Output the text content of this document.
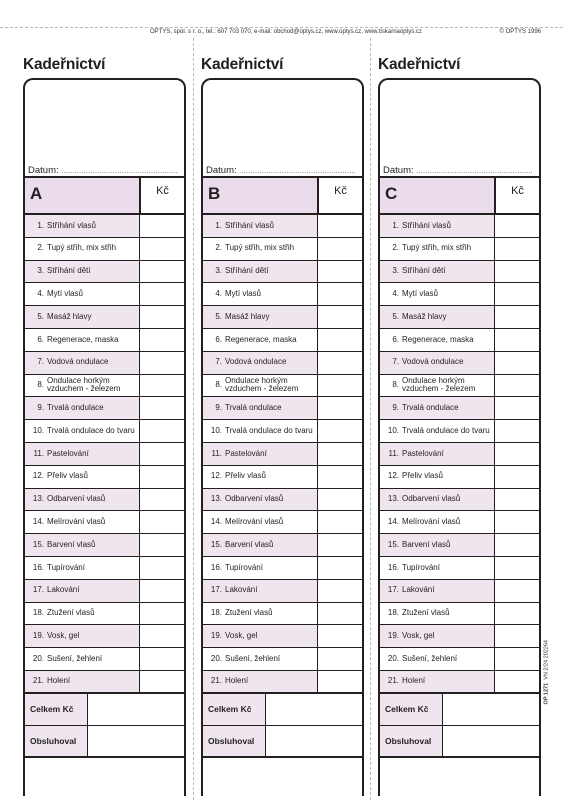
OPTYS, spol. s r. o., tel.: 607 703 070, e-mail: obchod@optys.cz, www.optys.cz, www.tiskarnaoptys.cz	© OPTYS 1996
OP 1271  VN 2/24 202264
Kadeřnictví
Datum: ....................................................
A	Kč
1. Stříhání vlasů
2. Tupý střih, mix střih
3. Stříhání dětí
4. Mytí vlasů
5. Masáž hlavy
6. Regenerace, maska
7. Vodová ondulace
8. Ondulace horkým vzduchem - železem
9. Trvalá ondulace
10. Trvalá ondulace do tvaru
11. Pastelování
12. Přeliv vlasů
13. Odbarvení vlasů
14. Melírování vlasů
15. Barvení vlasů
16. Tupírování
17. Lakování
18. Ztužení vlasů
19. Vosk, gel
20. Sušení, žehlení
21. Holení
Celkem Kč
Obsluhoval
Kadeřnictví
Datum: ....................................................
B	Kč
1. Stříhání vlasů
2. Tupý střih, mix střih
3. Stříhání dětí
4. Mytí vlasů
5. Masáž hlavy
6. Regenerace, maska
7. Vodová ondulace
8. Ondulace horkým vzduchem - železem
9. Trvalá ondulace
10. Trvalá ondulace do tvaru
11. Pastelování
12. Přeliv vlasů
13. Odbarvení vlasů
14. Melírování vlasů
15. Barvení vlasů
16. Tupírování
17. Lakování
18. Ztužení vlasů
19. Vosk, gel
20. Sušení, žehlení
21. Holení
Celkem Kč
Obsluhoval
Kadeřnictví
Datum: ....................................................
C	Kč
1. Stříhání vlasů
2. Tupý střih, mix střih
3. Stříhání dětí
4. Mytí vlasů
5. Masáž hlavy
6. Regenerace, maska
7. Vodová ondulace
8. Ondulace horkým vzduchem - železem
9. Trvalá ondulace
10. Trvalá ondulace do tvaru
11. Pastelování
12. Přeliv vlasů
13. Odbarvení vlasů
14. Melírování vlasů
15. Barvení vlasů
16. Tupírování
17. Lakování
18. Ztužení vlasů
19. Vosk, gel
20. Sušení, žehlení
21. Holení
Celkem Kč
Obsluhoval
